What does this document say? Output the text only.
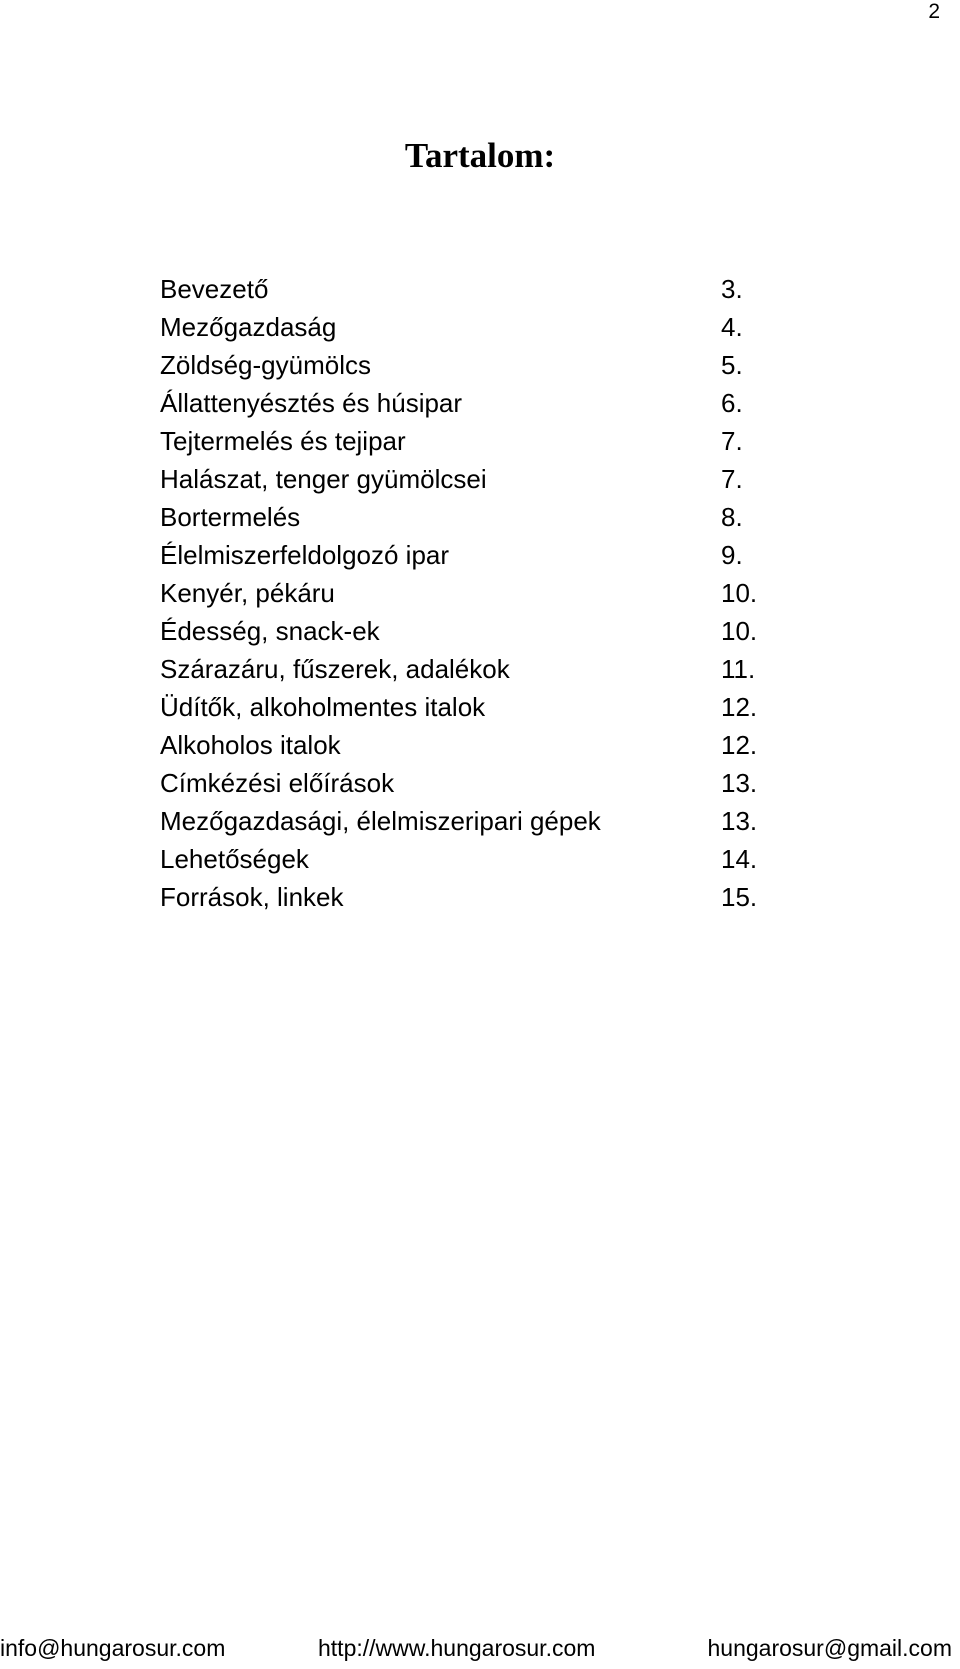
2
Tartalom:
Bevezető	3.
Mezőgazdaság	4.
Zöldség-gyümölcs	5.
Állattenyésztés és húsipar	6.
Tejtermelés és tejipar	7.
Halászat, tenger gyümölcsei	7.
Bortermelés	8.
Élelmiszerfeldolgozó ipar	9.
Kenyér, pékáru	10.
Édesség, snack-ek	10.
Szárazáru, fűszerek, adalékok	11.
Üdítők, alkoholmentes italok	12.
Alkoholos italok	12.
Címkézési előírások	13.
Mezőgazdasági, élelmiszeripari gépek	13.
Lehetőségek	14.
Források, linkek	15.
info@hungarosur.com	http://www.hungarosur.com	hungarosur@gmail.com
